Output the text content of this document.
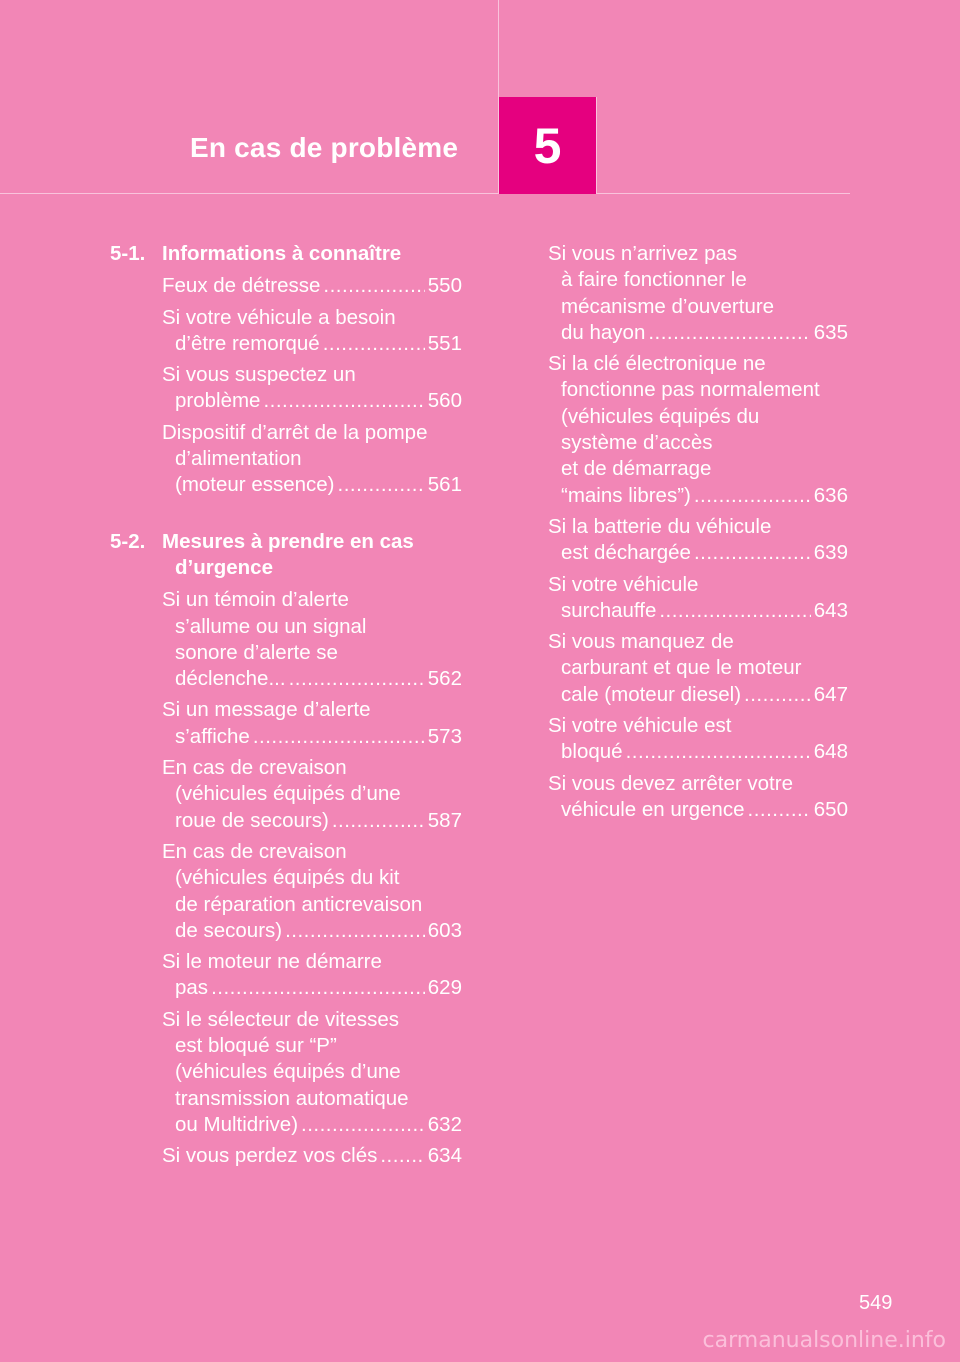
En cas de problème 5
5-1. Informations à connaître
Feux de détresse . . .	550
Si votre véhicule a besoin
d’être remorqué . . .	551
Si vous suspectez un
problème . . .	560
Dispositif d’arrêt de la pompe
d’alimentation
(moteur essence) . . .	561
5-2. Mesures à prendre en cas d’urgence
Si un témoin d’alerte
s’allume ou un signal
sonore d’alerte se
déclenche... . . .	562
Si un message d’alerte
s’affiche . . .	573
En cas de crevaison
(véhicules équipés d’une
roue de secours) . . .	587
En cas de crevaison
(véhicules équipés du kit
de réparation anticrevaison
de secours) . . .	603
Si le moteur ne démarre
pas . . .	629
Si le sélecteur de vitesses
est bloqué sur “P”
(véhicules équipés d’une
transmission automatique
ou Multidrive) . . .	632
Si vous perdez vos clés . . . 634
Si vous n’arrivez pas
à faire fonctionner le
mécanisme d’ouverture
du hayon . . .	635
Si la clé électronique ne
fonctionne pas normalement
(véhicules équipés du
système d’accès
et de démarrage
“mains libres”) . . .	636
Si la batterie du véhicule
est déchargée . . .	639
Si votre véhicule
surchauffe . . .	643
Si vous manquez de
carburant et que le moteur
cale (moteur diesel) . . .	647
Si votre véhicule est
bloqué . . .	648
Si vous devez arrêter votre
véhicule en urgence . . .	650
549
carmanualsonline.info
